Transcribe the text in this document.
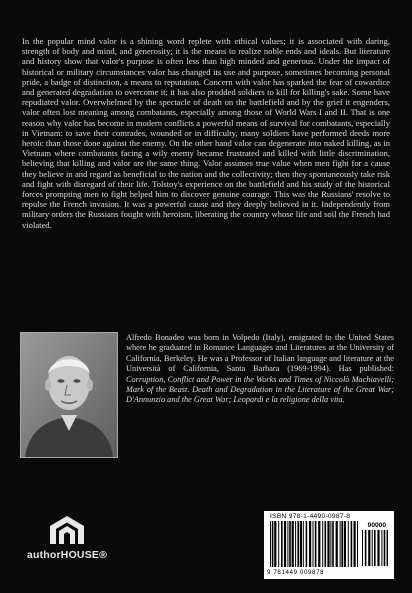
In the popular mind valor is a shining word replete with ethical values; it is associated with daring, strength of body and mind, and generosity; it is the means to realize noble ends and ideals. But literature and history show that valor's purpose is often less than high minded and generous. Under the impact of historical or military circumstances valor has changed its use and purpose, sometimes becoming personal pride, a badge of distinction, a means to reputation. Concern with valor has sparked the fear of cowardice and generated degradation to overcome it; it has also prodded soldiers to kill for killing's sake. Some have repudiated valor. Overwhelmed by the spectacle of death on the battlefield and by the grief it engenders, valor often lost meaning among combatants, especially among those of World Wars I and II. That is one reason why valor has become in modern conflicts a powerful means of survival for combatants, especially in Vietnam: to save their comrades, wounded or in difficulty, many soldiers have performed deeds more heroic than those done against the enemy. On the other hand valor can degenerate into naked killing, as in Vietnam where combatants facing a wily enemy became frustrated and killed with little discrimination, believing that killing and valor are the same thing. Valor assumes true value when men fight for a cause they believe in and regard as beneficial to the nation and the collectivity; then they spontaneously take risk and fight with disregard of their life. Tolstoy's experience on the battlefield and his study of the historical forces prompting men to fight helped him to discover genuine courage. This was the Russians' resolve to repulse the French invasion. It was a powerful cause and they deeply believed in it. Independently from military orders the Russians fought with heroism, liberating the country whose life and soil the French had violated.

Alfredo Bonadeo was born in Volpedo (Italy), emigrated to the United States where he graduated in Romance Languages and Literatures at the University of California, Berkeley. He was a Professor of Italian language and literature at the Università of California, Santa Barbara (1969-1994). Has published: Corruption, Conflict and Power in the Works and Times of Niccolò Machiavelli; Mark of the Beast. Death and Degradation in the Literature of the Great War; D'Annunzio and the Great War; Leopardi e la religione della vita.

authorHOUSE®
ISBN 978-1-4490-0987-8
90000
9 781449 009878
